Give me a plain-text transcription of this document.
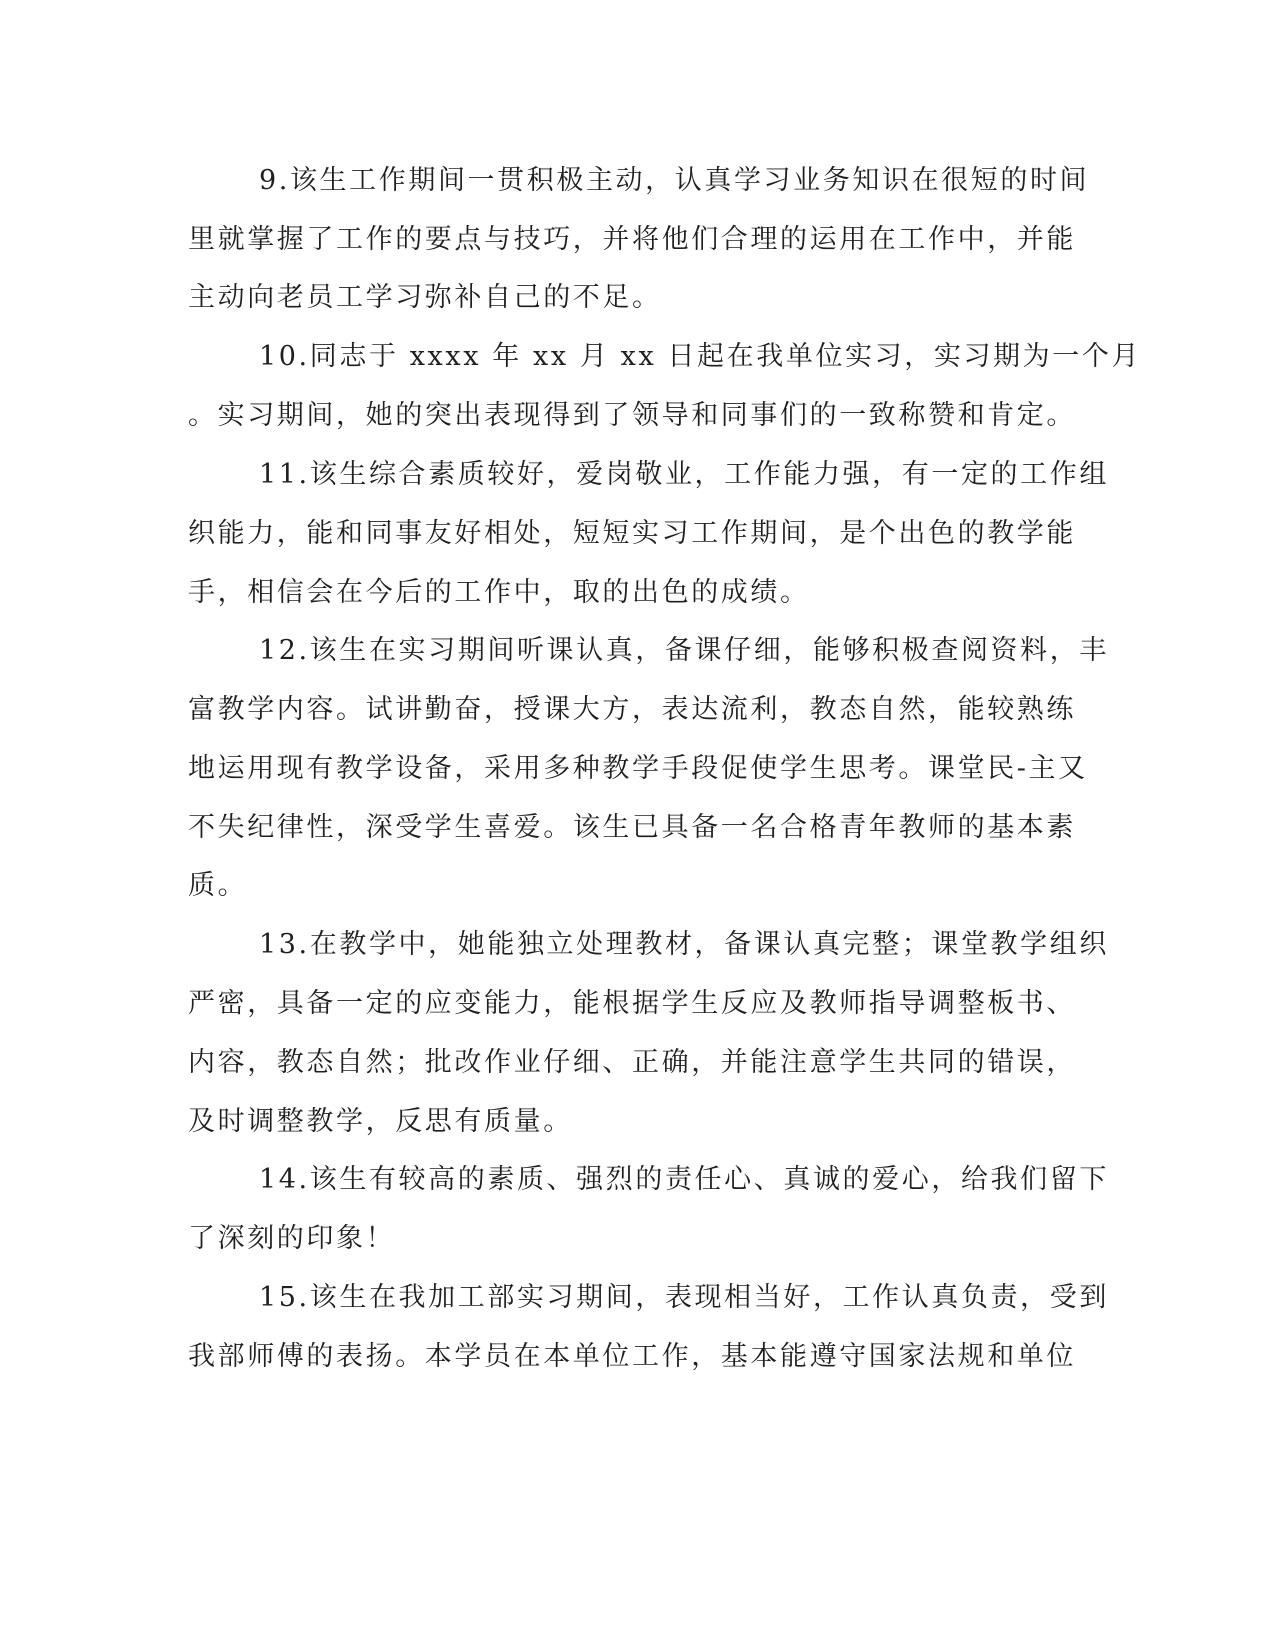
9.该生工作期间一贯积极主动，认真学习业务知识在很短的时间

里就掌握了工作的要点与技巧，并将他们合理的运用在工作中，并能

主动向老员工学习弥补自己的不足。

10.同志于 xxxx 年 xx 月 xx 日起在我单位实习，实习期为一个月

。实习期间，她的突出表现得到了领导和同事们的一致称赞和肯定。

11.该生综合素质较好，爱岗敬业，工作能力强，有一定的工作组

织能力，能和同事友好相处，短短实习工作期间，是个出色的教学能

手，相信会在今后的工作中，取的出色的成绩。

12.该生在实习期间听课认真，备课仔细，能够积极查阅资料，丰

富教学内容。试讲勤奋，授课大方，表达流利，教态自然，能较熟练

地运用现有教学设备，采用多种教学手段促使学生思考。课堂民-主又

不失纪律性，深受学生喜爱。该生已具备一名合格青年教师的基本素

质。

13.在教学中，她能独立处理教材，备课认真完整；课堂教学组织

严密，具备一定的应变能力，能根据学生反应及教师指导调整板书、

内容，教态自然；批改作业仔细、正确，并能注意学生共同的错误，

及时调整教学，反思有质量。

14.该生有较高的素质、强烈的责任心、真诚的爱心，给我们留下

了深刻的印象！

15.该生在我加工部实习期间，表现相当好，工作认真负责，受到

我部师傅的表扬。本学员在本单位工作，基本能遵守国家法规和单位
